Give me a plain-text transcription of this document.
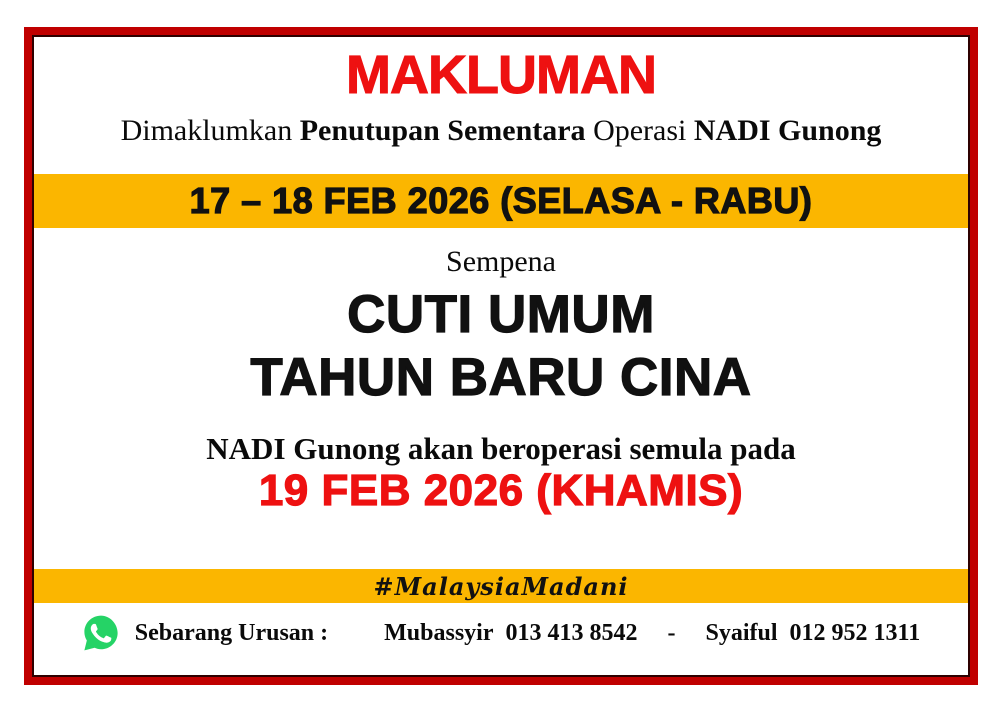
MAKLUMAN
Dimaklumkan Penutupan Sementara Operasi NADI Gunong
17 – 18 FEB 2026 (SELASA - RABU)
Sempena
CUTI UMUM
TAHUN BARU CINA
NADI Gunong akan beroperasi semula pada
19 FEB 2026 (KHAMIS)
#MalaysiaMadani
Sebarang Urusan : Mubassyir 013 413 8542 - Syaiful 012 952 1311
